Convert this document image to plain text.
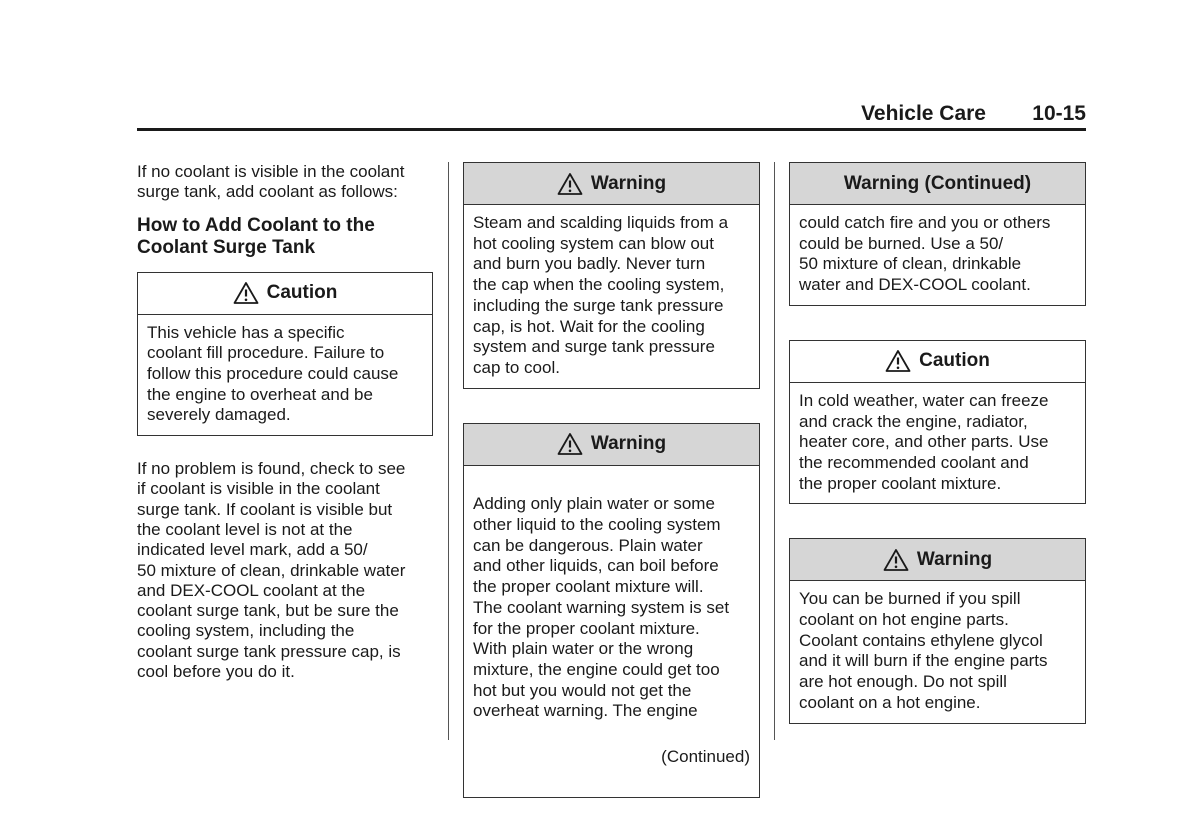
Vehicle Care 10-15

If no coolant is visible in the coolant
surge tank, add coolant as follows:

How to Add Coolant to the
Coolant Surge Tank
Caution
This vehicle has a specific
coolant fill procedure. Failure to
follow this procedure could cause
the engine to overheat and be
severely damaged.

If no problem is found, check to see
if coolant is visible in the coolant
surge tank. If coolant is visible but
the coolant level is not at the
indicated level mark, add a 50/
50 mixture of clean, drinkable water
and DEX-COOL coolant at the
coolant surge tank, but be sure the
cooling system, including the
coolant surge tank pressure cap, is
cool before you do it.

Warning
Steam and scalding liquids from a
hot cooling system can blow out
and burn you badly. Never turn
the cap when the cooling system,
including the surge tank pressure
cap, is hot. Wait for the cooling
system and surge tank pressure
cap to cool.
Warning

Adding only plain water or some
other liquid to the cooling system
can be dangerous. Plain water
and other liquids, can boil before
the proper coolant mixture will.
The coolant warning system is set
for the proper coolant mixture.
With plain water or the wrong
mixture, the engine could get too
hot but you would not get the
overheat warning. The engine

(Continued)

Warning (Continued)
could catch fire and you or others
could be burned. Use a 50/
50 mixture of clean, drinkable
water and DEX-COOL coolant.
Caution
In cold weather, water can freeze
and crack the engine, radiator,
heater core, and other parts. Use
the recommended coolant and
the proper coolant mixture.
Warning
You can be burned if you spill
coolant on hot engine parts.
Coolant contains ethylene glycol
and it will burn if the engine parts
are hot enough. Do not spill
coolant on a hot engine.
